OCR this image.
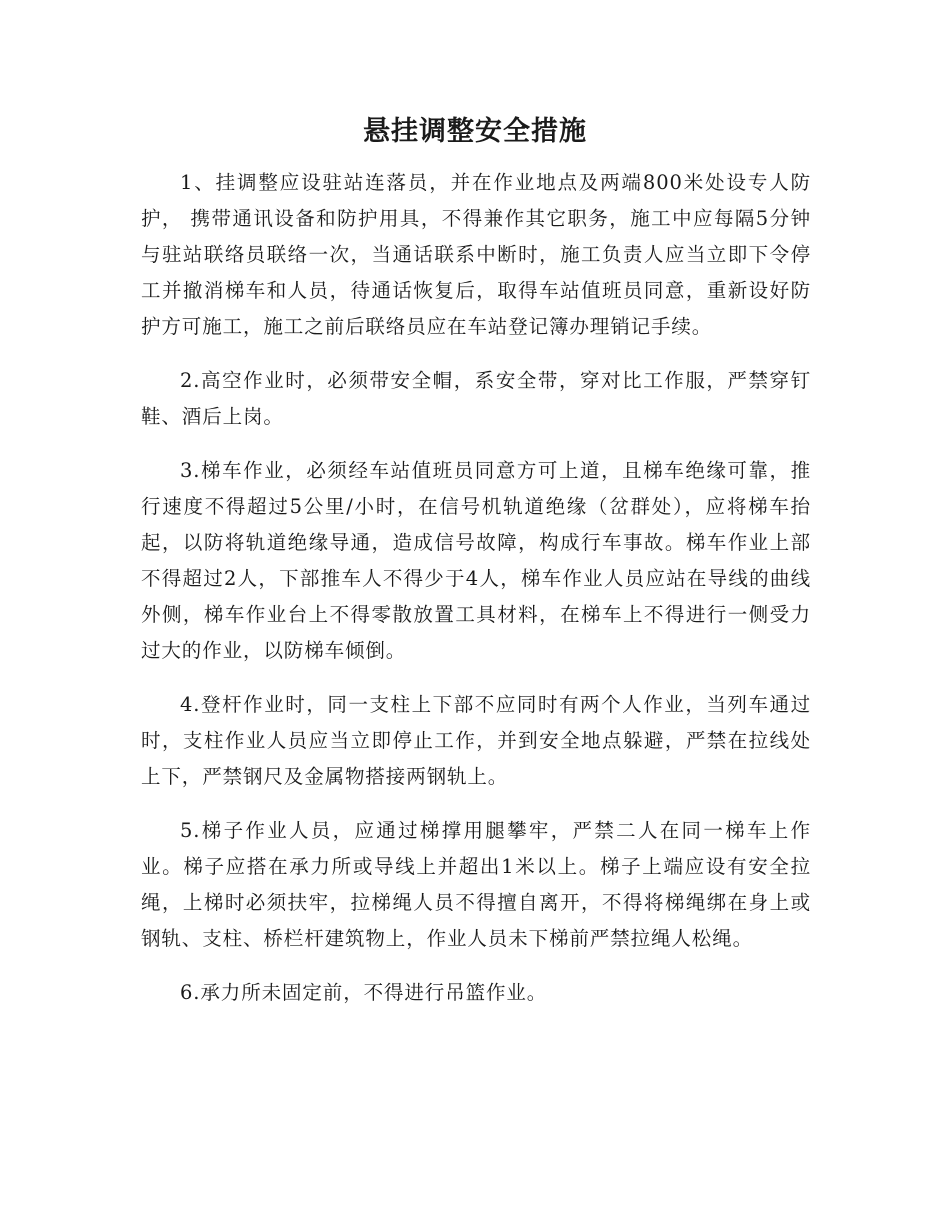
悬挂调整安全措施

1、挂调整应设驻站连落员，并在作业地点及两端800米处设专人防护， 携带通讯设备和防护用具，不得兼作其它职务，施工中应每隔5分钟与驻站联络员联络一次，当通话联系中断时，施工负责人应当立即下令停工并撤消梯车和人员，待通话恢复后，取得车站值班员同意，重新设好防护方可施工，施工之前后联络员应在车站登记簿办理销记手续。

2.高空作业时，必须带安全帽，系安全带，穿对比工作服，严禁穿钉鞋、酒后上岗。

3.梯车作业，必须经车站值班员同意方可上道，且梯车绝缘可靠，推行速度不得超过5公里/小时，在信号机轨道绝缘（岔群处），应将梯车抬起，以防将轨道绝缘导通，造成信号故障，构成行车事故。梯车作业上部不得超过2人，下部推车人不得少于4人，梯车作业人员应站在导线的曲线外侧，梯车作业台上不得零散放置工具材料，在梯车上不得进行一侧受力过大的作业，以防梯车倾倒。

4.登杆作业时，同一支柱上下部不应同时有两个人作业，当列车通过时，支柱作业人员应当立即停止工作，并到安全地点躲避，严禁在拉线处上下，严禁钢尺及金属物搭接两钢轨上。

5.梯子作业人员，应通过梯撑用腿攀牢，严禁二人在同一梯车上作业。梯子应搭在承力所或导线上并超出1米以上。梯子上端应设有安全拉绳，上梯时必须扶牢，拉梯绳人员不得擅自离开，不得将梯绳绑在身上或钢轨、支柱、桥栏杆建筑物上，作业人员未下梯前严禁拉绳人松绳。

6.承力所未固定前，不得进行吊篮作业。
